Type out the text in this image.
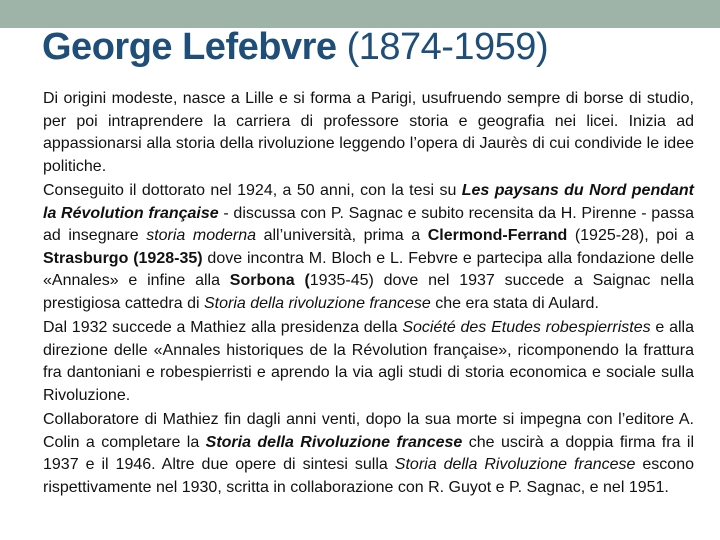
George Lefebvre (1874-1959)

Di origini modeste, nasce a Lille e si forma a Parigi, usufruendo sempre di borse di studio, per poi intraprendere la carriera di professore storia e geografia nei licei. Inizia ad appassionarsi alla storia della rivoluzione leggendo l’opera di Jaurès di cui condivide le idee politiche.

Conseguito il dottorato nel 1924, a 50 anni, con la tesi su Les paysans du Nord pendant la Révolution française - discussa con P. Sagnac e subito recensita da H. Pirenne - passa ad insegnare storia moderna all’università, prima a Clermond-Ferrand (1925-28), poi a Strasburgo (1928-35) dove incontra M. Bloch e L. Febvre e partecipa alla fondazione delle «Annales» e infine alla Sorbona (1935-45) dove nel 1937 succede a Saignac nella prestigiosa cattedra di Storia della rivoluzione francese che era stata di Aulard.

Dal 1932 succede a Mathiez alla presidenza della Société des Etudes robespierristes e alla direzione delle «Annales historiques de la Révolution française», ricomponendo la frattura fra dantoniani e robespierristi e aprendo la via agli studi di storia economica e sociale sulla Rivoluzione.

Collaboratore di Mathiez fin dagli anni venti, dopo la sua morte si impegna con l’editore A. Colin a completare la Storia della Rivoluzione francese che uscirà a doppia firma fra il 1937 e il 1946. Altre due opere di sintesi sulla Storia della Rivoluzione francese escono rispettivamente nel 1930, scritta in collaborazione con R. Guyot e P. Sagnac, e nel 1951.
